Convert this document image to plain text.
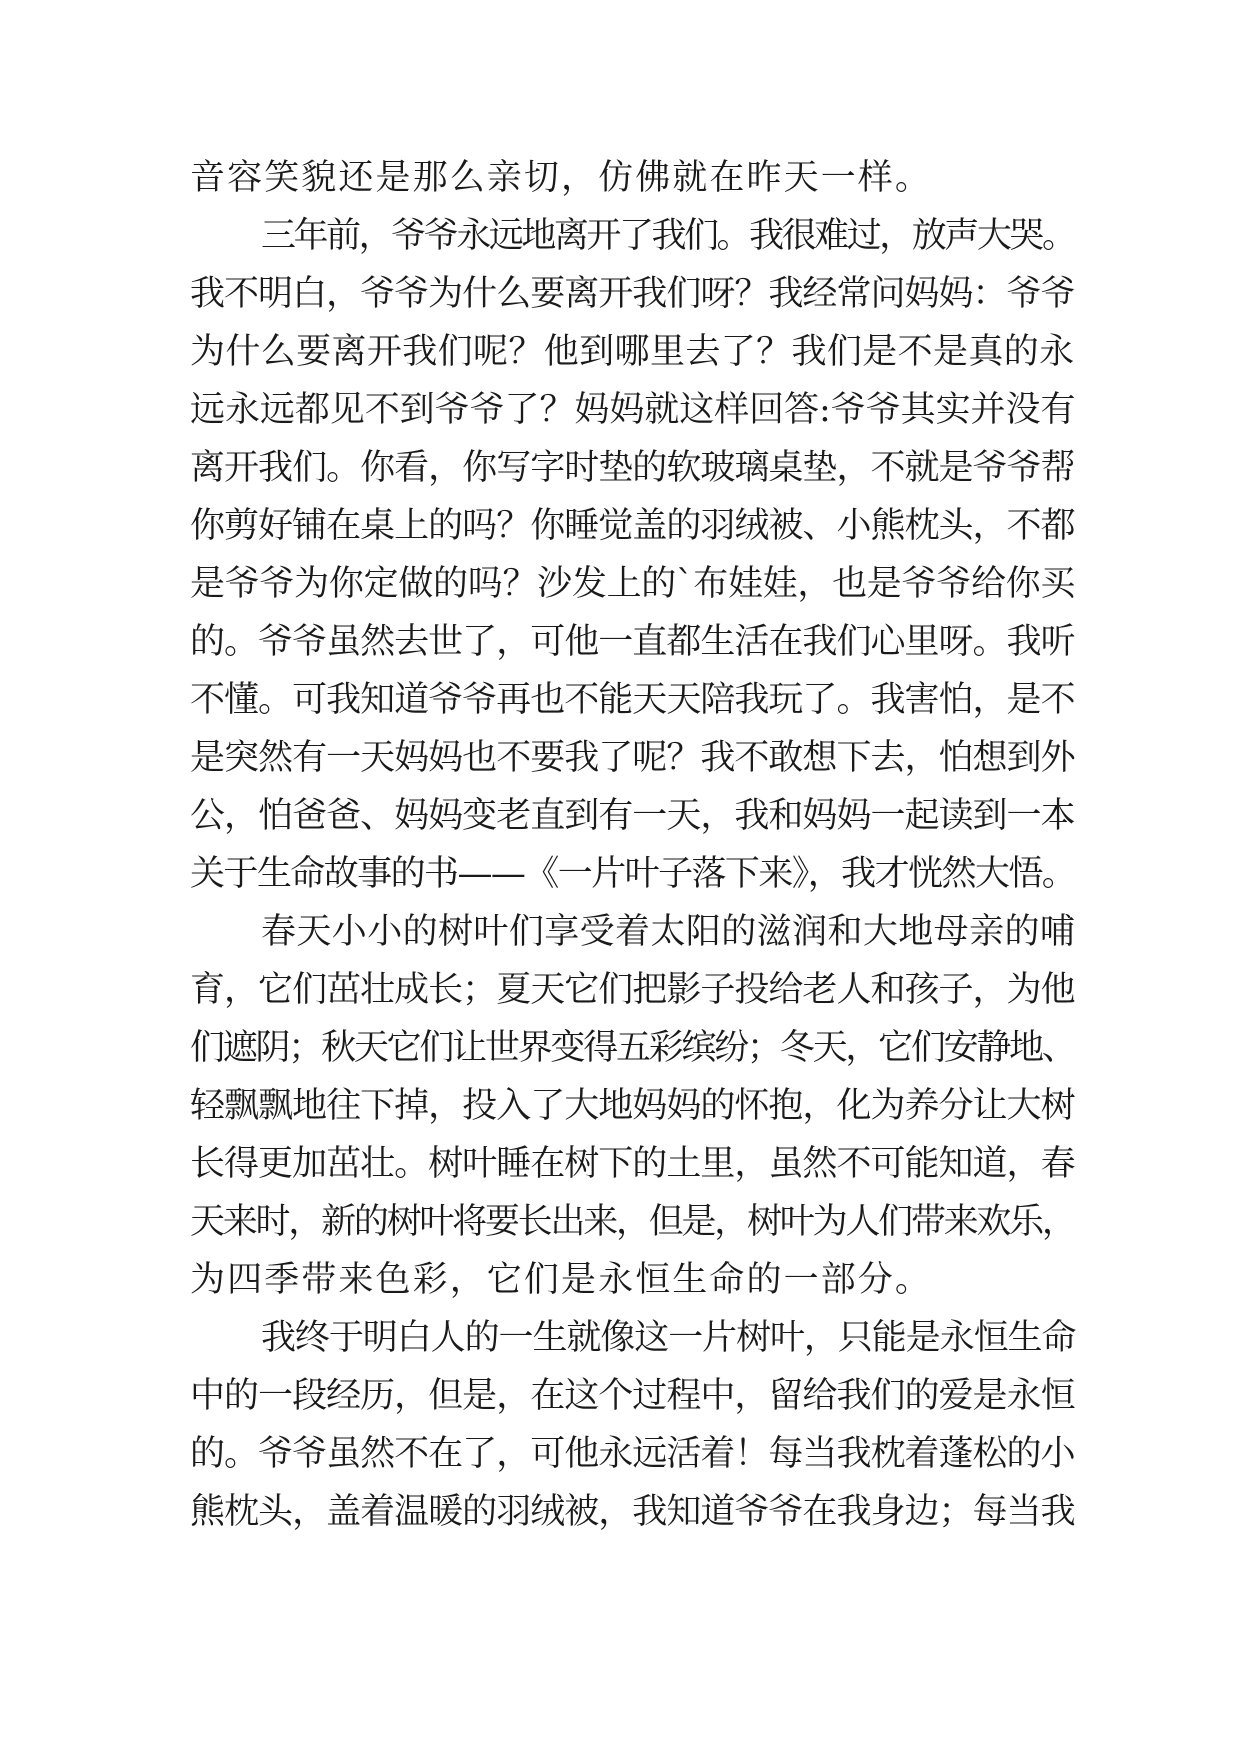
音容笑貌还是那么亲切，仿佛就在昨天一样。
三年前，爷爷永远地离开了我们。我很难过，放声大哭。
我不明白，爷爷为什么要离开我们呀？我经常问妈妈：爷爷
为什么要离开我们呢？他到哪里去了？我们是不是真的永
远永远都见不到爷爷了？妈妈就这样回答:爷爷其实并没有
离开我们。你看，你写字时垫的软玻璃桌垫，不就是爷爷帮
你剪好铺在桌上的吗？你睡觉盖的羽绒被、小熊枕头，不都
是爷爷为你定做的吗？沙发上的`布娃娃，也是爷爷给你买
的。爷爷虽然去世了，可他一直都生活在我们心里呀。我听
不懂。可我知道爷爷再也不能天天陪我玩了。我害怕，是不
是突然有一天妈妈也不要我了呢？我不敢想下去，怕想到外
公，怕爸爸、妈妈变老直到有一天，我和妈妈一起读到一本
关于生命故事的书——《一片叶子落下来》，我才恍然大悟。
春天小小的树叶们享受着太阳的滋润和大地母亲的哺
育，它们茁壮成长；夏天它们把影子投给老人和孩子，为他
们遮阴；秋天它们让世界变得五彩缤纷；冬天，它们安静地、
轻飘飘地往下掉，投入了大地妈妈的怀抱，化为养分让大树
长得更加茁壮。树叶睡在树下的土里，虽然不可能知道，春
天来时，新的树叶将要长出来，但是，树叶为人们带来欢乐，
为四季带来色彩，它们是永恒生命的一部分。
我终于明白人的一生就像这一片树叶，只能是永恒生命
中的一段经历，但是，在这个过程中，留给我们的爱是永恒
的。爷爷虽然不在了，可他永远活着！每当我枕着蓬松的小
熊枕头，盖着温暖的羽绒被，我知道爷爷在我身边；每当我
